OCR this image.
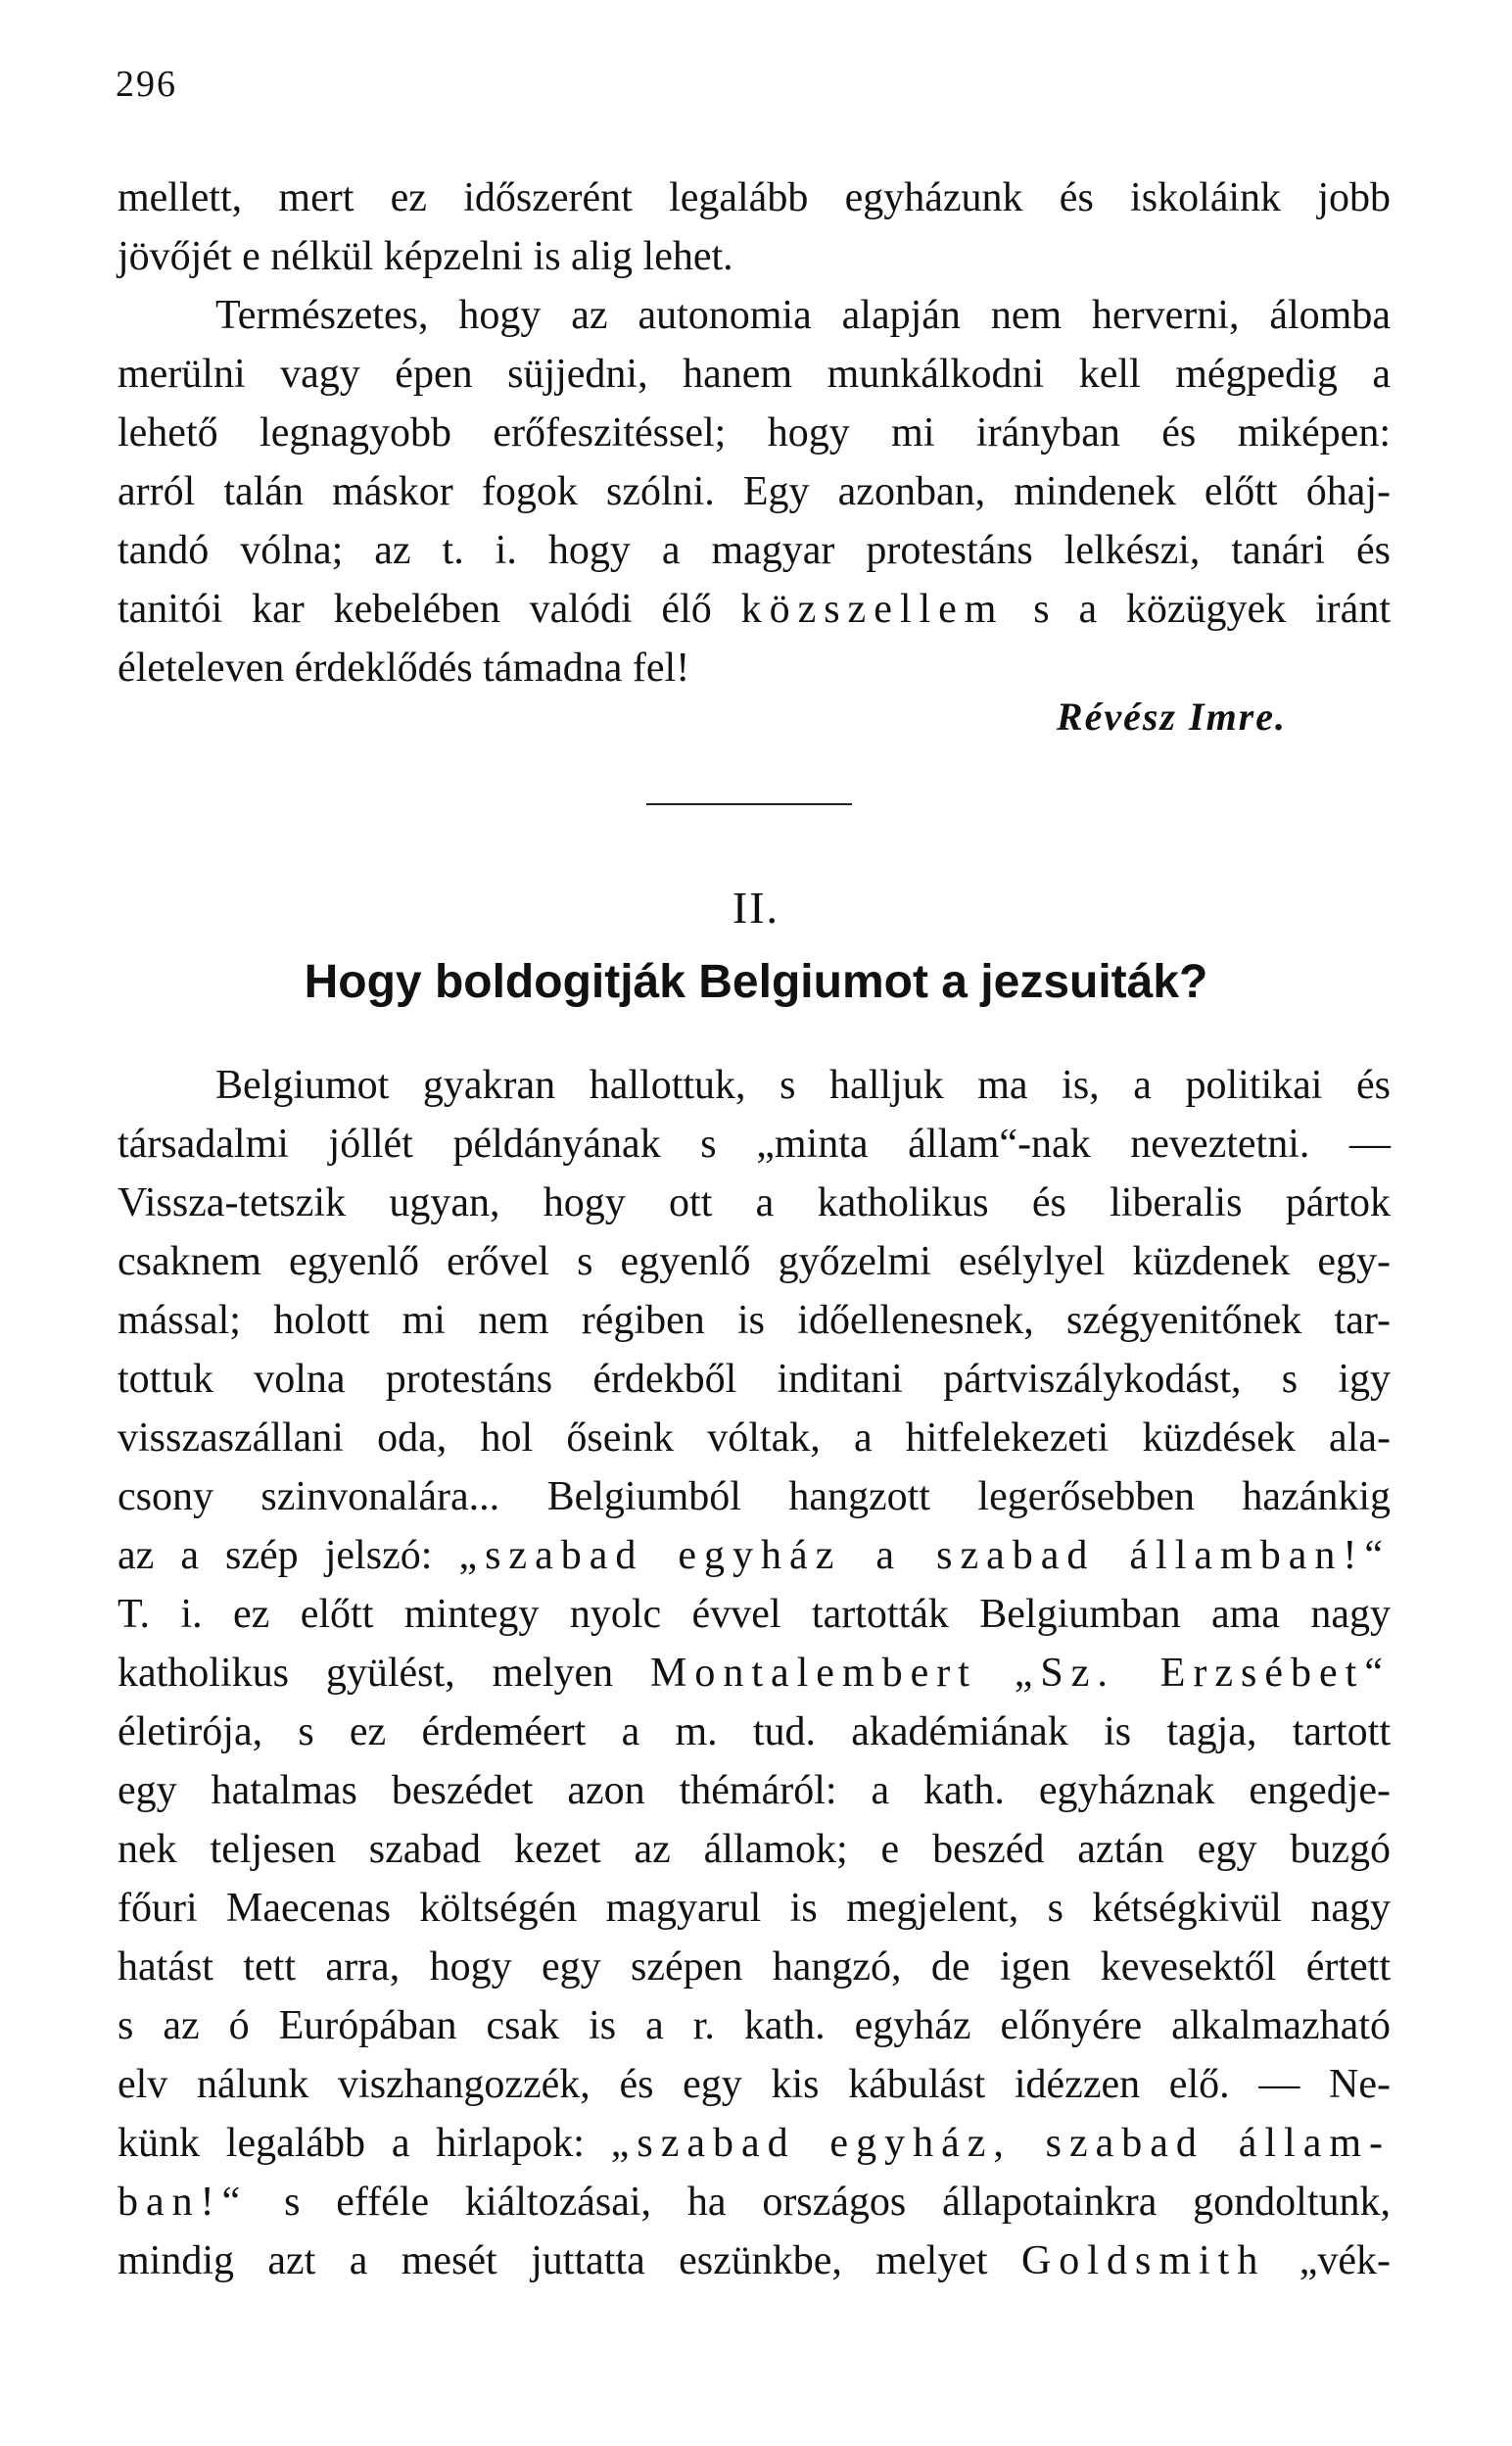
296
mellett, mert ez időszerént legalább egyházunk és iskoláink jobb
jövőjét e nélkül képzelni is alig lehet.
Természetes, hogy az autonomia alapján nem herverni, álomba
merülni vagy épen süjjedni, hanem munkálkodni kell mégpedig a
lehető legnagyobb erőfeszitéssel; hogy mi irányban és miképen:
arról talán máskor fogok szólni. Egy azonban, mindenek előtt óhaj-
tandó vólna; az t. i. hogy a magyar protestáns lelkészi, tanári és
tanitói kar kebelében valódi élő közszellem s a közügyek iránt
életeleven érdeklődés támadna fel!
Révész Imre.
II.
Hogy boldogitják Belgiumot a jezsuiták?
Belgiumot gyakran hallottuk, s halljuk ma is, a politikai és
társadalmi jóllét példányának s „minta állam“-nak neveztetni. —
Vissza-tetszik ugyan, hogy ott a katholikus és liberalis pártok
csaknem egyenlő erővel s egyenlő győzelmi esélylyel küzdenek egy-
mással; holott mi nem régiben is időellenesnek, szégyenitőnek tar-
tottuk volna protestáns érdekből inditani pártviszálykodást, s igy
visszaszállani oda, hol őseink vóltak, a hitfelekezeti küzdések ala-
csony szinvonalára... Belgiumból hangzott legerősebben hazánkig
az a szép jelszó: „szabad egyház a szabad államban!“
T. i. ez előtt mintegy nyolc évvel tartották Belgiumban ama nagy
katholikus gyülést, melyen Montalembert „Sz. Erzsébet“
életirója, s ez érdeméert a m. tud. akadémiának is tagja, tartott
egy hatalmas beszédet azon thémáról: a kath. egyháznak engedje-
nek teljesen szabad kezet az államok; e beszéd aztán egy buzgó
főuri Maecenas költségén magyarul is megjelent, s kétségkivül nagy
hatást tett arra, hogy egy szépen hangzó, de igen kevesektől értett
s az ó Európában csak is a r. kath. egyház előnyére alkalmazható
elv nálunk viszhangozzék, és egy kis kábulást idézzen elő. — Ne-
künk legalább a hirlapok: „szabad egyház, szabad állam-
ban!“ s efféle kiáltozásai, ha országos állapotainkra gondoltunk,
mindig azt a mesét juttatta eszünkbe, melyet Goldsmith „vék-
